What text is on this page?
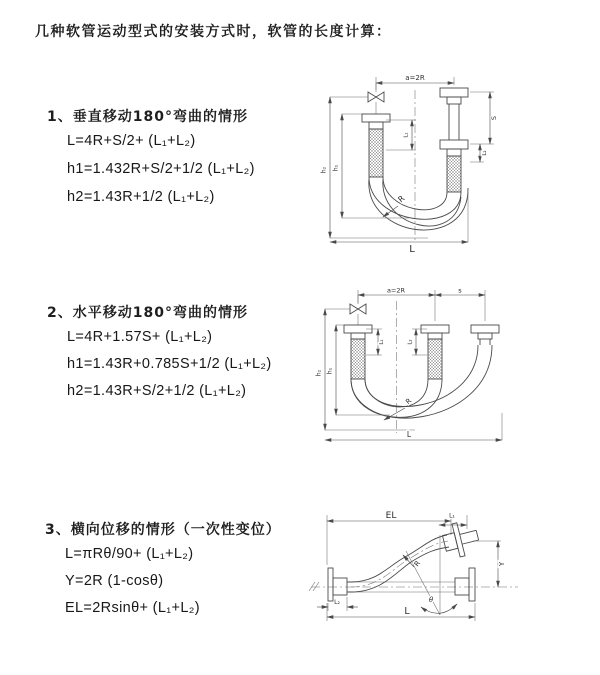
几种软管运动型式的安装方式时，软管的长度计算：
1、垂直移动180°弯曲的情形
L=4R+S/2+ (L₁+L₂)
h1=1.432R+S/2+1/2 (L₁+L₂)
h2=1.43R+1/2 (L₁+L₂)
2、水平移动180°弯曲的情形
L=4R+1.57S+ (L₁+L₂)
h1=1.43R+0.785S+1/2 (L₁+L₂)
h2=1.43R+S/2+1/2 (L₁+L₂)
3、横向位移的情形（一次性变位）
L=πRθ/90+ (L₁+L₂)
Y=2R (1-cosθ)
EL=2Rsinθ+ (L₁+L₂)
a=2R
L₁
S
L₂
h₁
h₂
R
L
a=2R	s
L₁	L₂
h₁
h₂
R
L
EL	L₁
Y
R
θ
L
L₂
